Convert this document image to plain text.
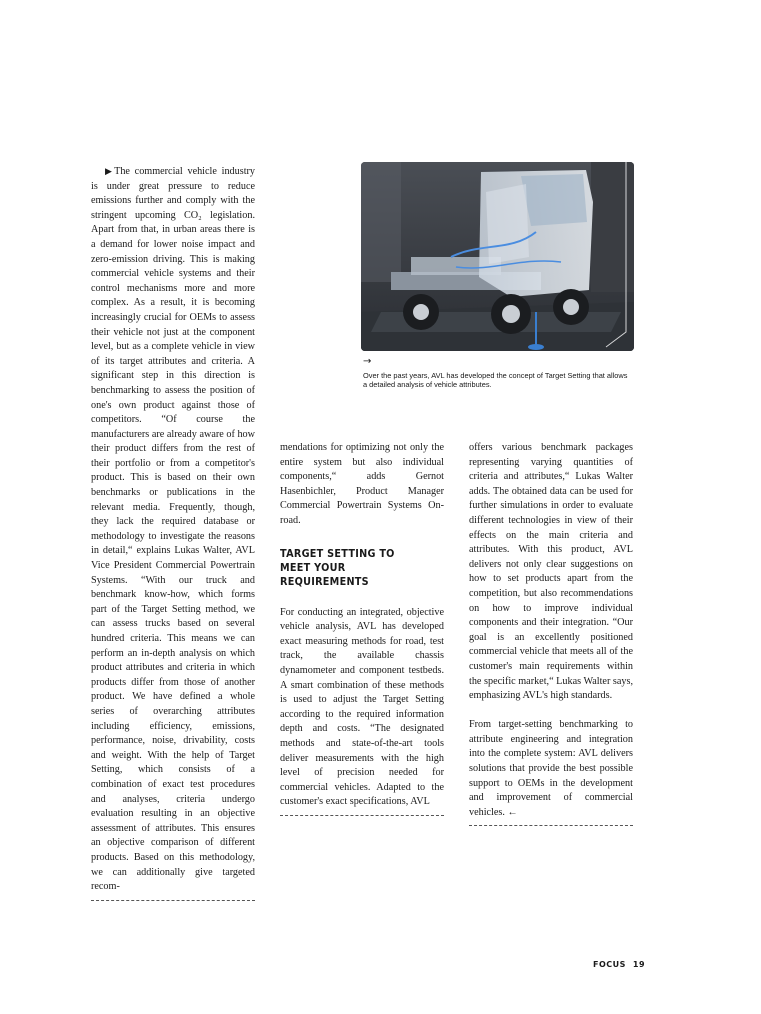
→
Over the past years, AVL has developed the concept of Target Setting that allows a detailed analysis of vehicle attributes.

▶The commercial vehicle industry is under great pressure to reduce emissions further and comply with the stringent upcoming CO₂ legislation. Apart from that, in urban areas there is a demand for lower noise impact and zero-emission driving. This is making commercial vehicle systems and their control mechanisms more and more complex. As a result, it is becoming increasingly crucial for OEMs to assess their vehicle not just at the component level, but as a complete vehicle in view of its target attributes and criteria. A significant step in this direction is benchmarking to assess the position of one's own product against those of competitors. “Of course the manufacturers are already aware of how their product differs from the rest of their portfolio or from a competitor's product. This is based on their own benchmarks or publications in the relevant media. Frequently, though, they lack the required database or methodology to investigate the reasons in detail,“ explains Lukas Walter, AVL Vice President Commercial Powertrain Systems. “With our truck and benchmark know-how, which forms part of the Target Setting method, we can assess trucks based on several hundred criteria. This means we can perform an in-depth analysis on which product attributes and criteria in which products differ from those of another product. We have defined a whole series of overarching attributes including efficiency, emissions, performance, noise, drivability, costs and weight. With the help of Target Setting, which consists of a combination of exact test procedures and analyses, criteria undergo evaluation resulting in an objective assessment of attributes. This ensures an objective comparison of different products. Based on this methodology, we can additionally give targeted recom-

mendations for optimizing not only the entire system but also individual components,“ adds Gernot Hasenbichler, Product Manager Commercial Powertrain Systems On-road.

TARGET SETTING TO MEET YOUR REQUIREMENTS

For conducting an integrated, objective vehicle analysis, AVL has developed exact measuring methods for road, test track, the available chassis dynamometer and component testbeds. A smart combination of these methods is used to adjust the Target Setting according to the required information depth and costs. “The designated methods and state-of-the-art tools deliver measurements with the high level of precision needed for commercial vehicles. Adapted to the customer's exact specifications, AVL

offers various benchmark packages representing varying quantities of criteria and attributes,“ Lukas Walter adds. The obtained data can be used for further simulations in order to evaluate different technologies in view of their effects on the main criteria and attributes. With this product, AVL delivers not only clear suggestions on how to set products apart from the competition, but also recommendations on how to improve individual components and their integration. “Our goal is an excellently positioned commercial vehicle that meets all of the customer's main requirements within the specific market,“ Lukas Walter says, emphasizing AVL's high standards.

From target-setting benchmarking to attribute engineering and integration into the complete system: AVL delivers solutions that provide the best possible support to OEMs in the development and improvement of commercial vehicles. ←

FOCUS 19
